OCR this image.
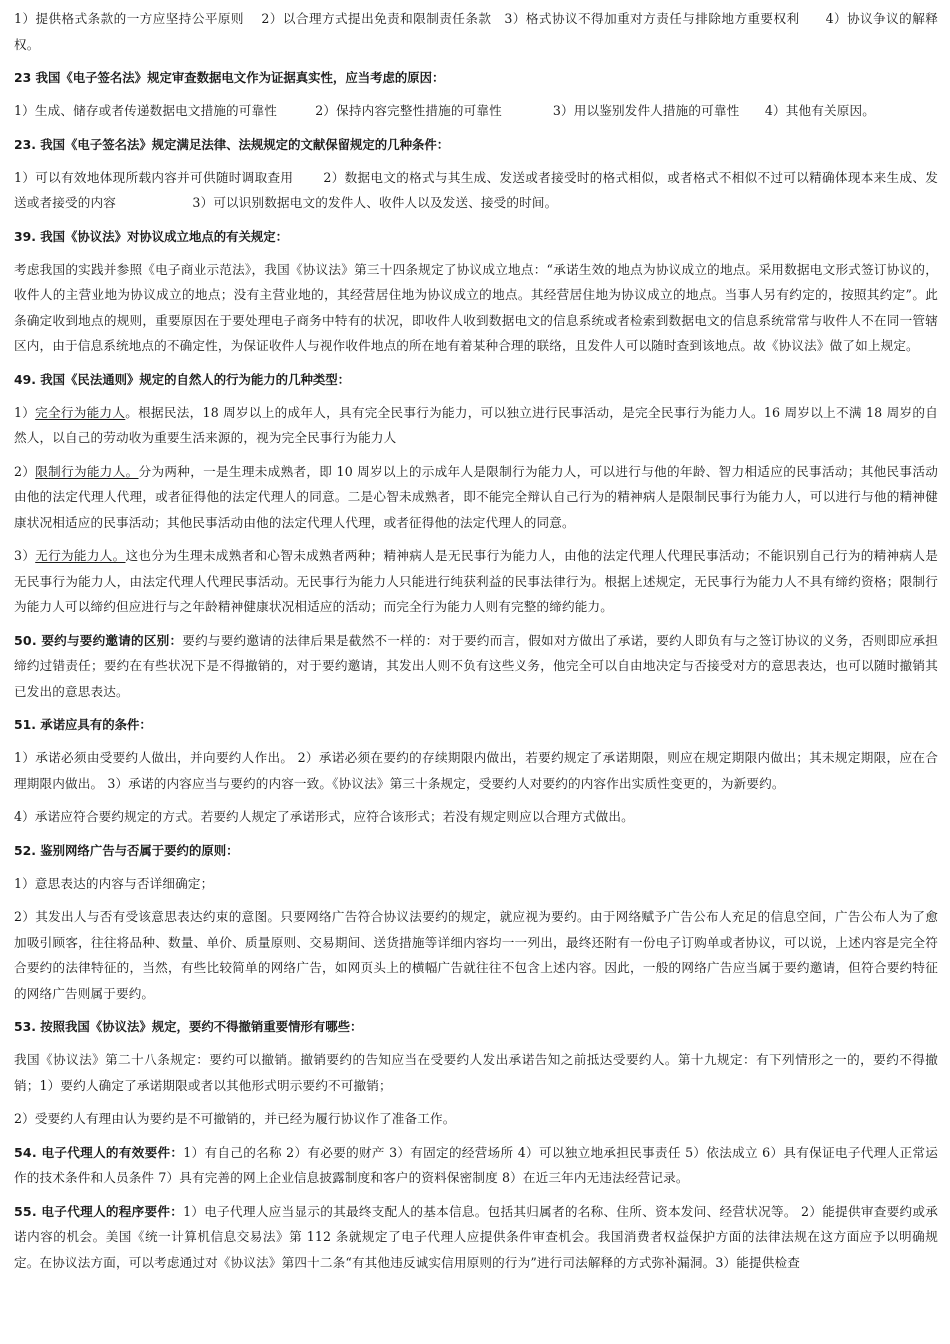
1）提供格式条款的一方应坚持公平原则　 2）以合理方式提出免责和限制责任条款　3）格式协议不得加重对方责任与排除地方重要权利　　4）协议争议的解释权。

23 我国《电子签名法》规定审查数据电文作为证据真实性，应当考虑的原因：

1）生成、储存或者传递数据电文措施的可靠性　　　2）保持内容完整性措施的可靠性　　　　3）用以鉴别发件人措施的可靠性　　4）其他有关原因。

23. 我国《电子签名法》规定满足法律、法规规定的文献保留规定的几种条件：

1）可以有效地体现所载内容并可供随时调取查用　　 2）数据电文的格式与其生成、发送或者接受时的格式相似，或者格式不相似不过可以精确体现本来生成、发送或者接受的内容　　　　　　3）可以识别数据电文的发件人、收件人以及发送、接受的时间。

39. 我国《协议法》对协议成立地点的有关规定：

考虑我国的实践并参照《电子商业示范法》，我国《协议法》第三十四条规定了协议成立地点：“承诺生效的地点为协议成立的地点。采用数据电文形式签订协议的，收件人的主营业地为协议成立的地点；没有主营业地的，其经营居住地为协议成立的地点。其经营居住地为协议成立的地点。当事人另有约定的，按照其约定”。此条确定收到地点的规则，重要原因在于要处理电子商务中特有的状况，即收件人收到数据电文的信息系统或者检索到数据电文的信息系统常常与收件人不在同一管辖区内，由于信息系统地点的不确定性，为保证收件人与视作收件地点的所在地有着某种合理的联络，且发件人可以随时查到该地点。故《协议法》做了如上规定。

49. 我国《民法通则》规定的自然人的行为能力的几种类型：

1）完全行为能力人。根据民法，18 周岁以上的成年人，具有完全民事行为能力，可以独立进行民事活动，是完全民事行为能力人。16 周岁以上不满 18 周岁的自然人，以自己的劳动收为重要生活来源的，视为完全民事行为能力人

2）限制行为能力人。分为两种，一是生理未成熟者，即 10 周岁以上的示成年人是限制行为能力人，可以进行与他的年龄、智力相适应的民事活动；其他民事活动由他的法定代理人代理，或者征得他的法定代理人的同意。二是心智未成熟者，即不能完全辩认自己行为的精神病人是限制民事行为能力人，可以进行与他的精神健康状况相适应的民事活动；其他民事活动由他的法定代理人代理，或者征得他的法定代理人的同意。

3）无行为能力人。这也分为生理未成熟者和心智未成熟者两种；精神病人是无民事行为能力人，由他的法定代理人代理民事活动；不能识别自己行为的精神病人是无民事行为能力人，由法定代理人代理民事活动。无民事行为能力人只能进行纯获利益的民事法律行为。根据上述规定，无民事行为能力人不具有缔约资格；限制行为能力人可以缔约但应进行与之年龄精神健康状况相适应的活动；而完全行为能力人则有完整的缔约能力。

50. 要约与要约邀请的区别：要约与要约邀请的法律后果是截然不一样的：对于要约而言，假如对方做出了承诺，要约人即负有与之签订协议的义务，否则即应承担缔约过错责任；要约在有些状况下是不得撤销的，对于要约邀请，其发出人则不负有这些义务，他完全可以自由地决定与否接受对方的意思表达，也可以随时撤销其已发出的意思表达。

51. 承诺应具有的条件：

1）承诺必须由受要约人做出，并向要约人作出。 2）承诺必须在要约的存续期限内做出，若要约规定了承诺期限，则应在规定期限内做出；其未规定期限，应在合理期限内做出。 3）承诺的内容应当与要约的内容一致。《协议法》第三十条规定，受要约人对要约的内容作出实质性变更的，为新要约。

4）承诺应符合要约规定的方式。若要约人规定了承诺形式，应符合该形式；若没有规定则应以合理方式做出。

52. 鉴别网络广告与否属于要约的原则：

1）意思表达的内容与否详细确定；

2）其发出人与否有受该意思表达约束的意图。只要网络广告符合协议法要约的规定，就应视为要约。由于网络赋予广告公布人充足的信息空间，广告公布人为了愈加吸引顾客，往往将品种、数量、单价、质量原则、交易期间、送货措施等详细内容均一一列出，最终还附有一份电子订购单或者协议，可以说，上述内容是完全符合要约的法律特征的，当然，有些比较简单的网络广告，如网页头上的横幅广告就往往不包含上述内容。因此，一般的网络广告应当属于要约邀请，但符合要约特征的网络广告则属于要约。

53. 按照我国《协议法》规定，要约不得撤销重要情形有哪些：

我国《协议法》第二十八条规定：要约可以撤销。撤销要约的告知应当在受要约人发出承诺告知之前抵达受要约人。第十九规定：有下列情形之一的，要约不得撤销；1）要约人确定了承诺期限或者以其他形式明示要约不可撤销；

2）受要约人有理由认为要约是不可撤销的，并已经为履行协议作了准备工作。

54. 电子代理人的有效要件：1）有自己的名称 2）有必要的财产 3）有固定的经营场所 4）可以独立地承担民事责任 5）依法成立 6）具有保证电子代理人正常运作的技术条件和人员条件 7）具有完善的网上企业信息披露制度和客户的资料保密制度 8）在近三年内无违法经营记录。

55. 电子代理人的程序要件：1）电子代理人应当显示的其最终支配人的基本信息。包括其归属者的名称、住所、资本发问、经营状况等。 2）能提供审查要约或承诺内容的机会。美国《统一计算机信息交易法》第 112 条就规定了电子代理人应提供条件审查机会。我国消费者权益保护方面的法律法规在这方面应予以明确规定。在协议法方面，可以考虑通过对《协议法》第四十二条“有其他违反诚实信用原则的行为”进行司法解释的方式弥补漏洞。3）能提供检查
